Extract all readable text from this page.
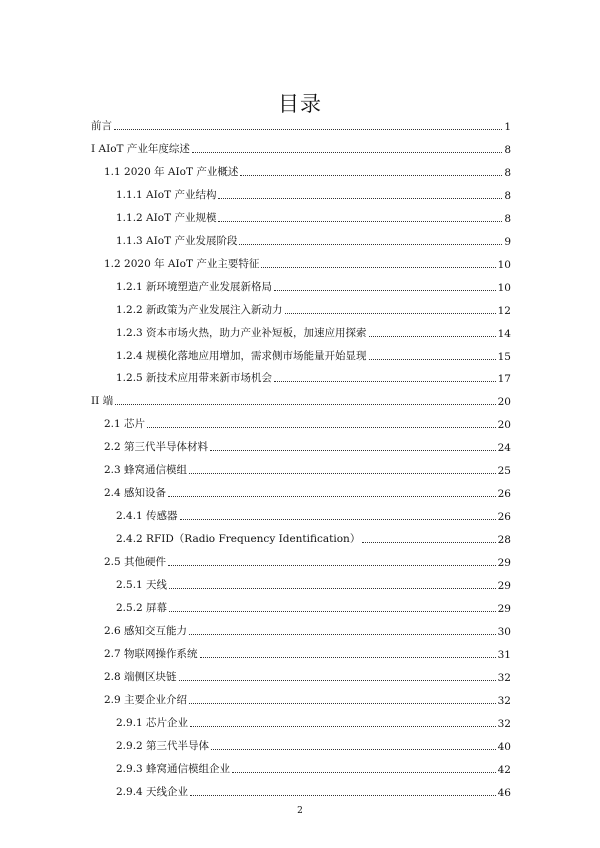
目录
前言	1
I AIoT 产业年度综述	8
1.1 2020 年 AIoT 产业概述	8
1.1.1 AIoT 产业结构	8
1.1.2 AIoT 产业规模	8
1.1.3 AIoT 产业发展阶段	9
1.2 2020 年 AIoT 产业主要特征	10
1.2.1 新环境塑造产业发展新格局	10
1.2.2 新政策为产业发展注入新动力	12
1.2.3 资本市场火热，助力产业补短板，加速应用探索	14
1.2.4 规模化落地应用增加，需求侧市场能量开始显现	15
1.2.5 新技术应用带来新市场机会	17
II 端	20
2.1 芯片	20
2.2 第三代半导体材料	24
2.3 蜂窝通信模组	25
2.4 感知设备	26
2.4.1 传感器	26
2.4.2 RFID（Radio Frequency Identification）	28
2.5 其他硬件	29
2.5.1 天线	29
2.5.2 屏幕	29
2.6 感知交互能力	30
2.7 物联网操作系统	31
2.8 端侧区块链	32
2.9 主要企业介绍	32
2.9.1 芯片企业	32
2.9.2 第三代半导体	40
2.9.3 蜂窝通信模组企业	42
2.9.4 天线企业	46
2
